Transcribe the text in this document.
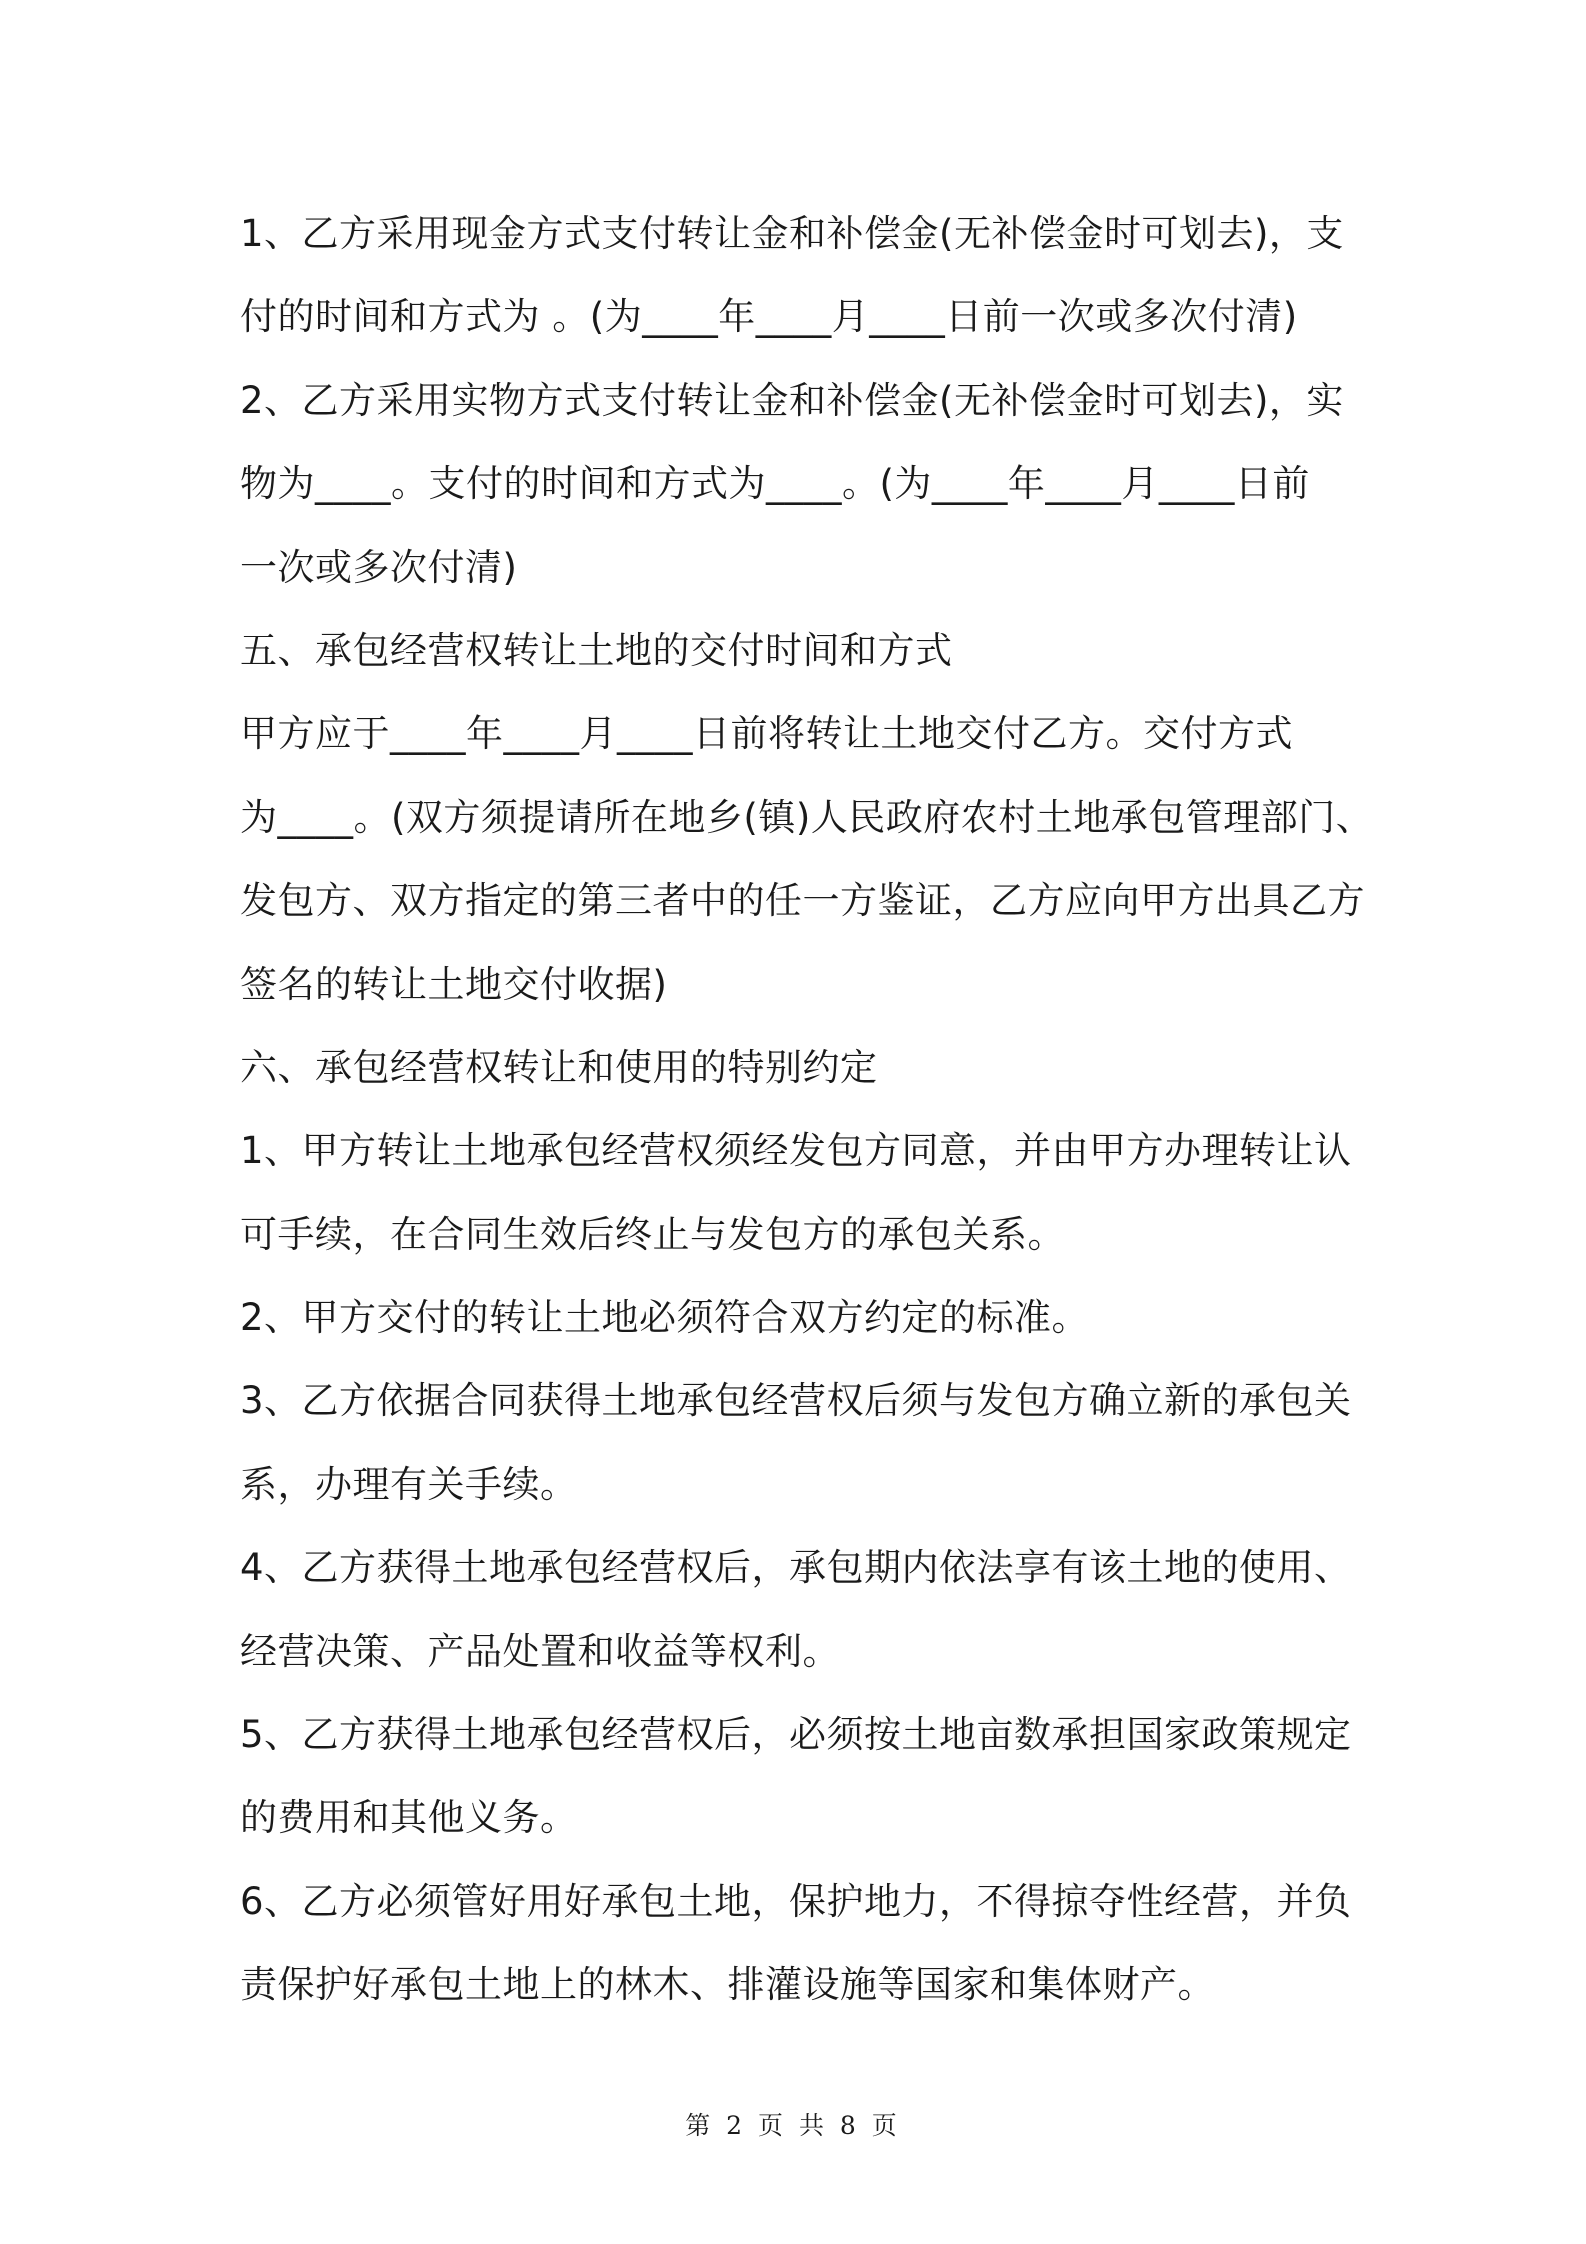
1、乙方采用现金方式支付转让金和补偿金(无补偿金时可划去)，支
付的时间和方式为 。(为____年____月____日前一次或多次付清)
2、乙方采用实物方式支付转让金和补偿金(无补偿金时可划去)，实
物为____。支付的时间和方式为____。(为____年____月____日前
一次或多次付清)
五、承包经营权转让土地的交付时间和方式
甲方应于____年____月____日前将转让土地交付乙方。交付方式
为____。(双方须提请所在地乡(镇)人民政府农村土地承包管理部门、
发包方、双方指定的第三者中的任一方鉴证，乙方应向甲方出具乙方
签名的转让土地交付收据)
六、承包经营权转让和使用的特别约定
1、甲方转让土地承包经营权须经发包方同意，并由甲方办理转让认
可手续，在合同生效后终止与发包方的承包关系。
2、甲方交付的转让土地必须符合双方约定的标准。
3、乙方依据合同获得土地承包经营权后须与发包方确立新的承包关
系，办理有关手续。
4、乙方获得土地承包经营权后，承包期内依法享有该土地的使用、
经营决策、产品处置和收益等权利。
5、乙方获得土地承包经营权后，必须按土地亩数承担国家政策规定
的费用和其他义务。
6、乙方必须管好用好承包土地，保护地力，不得掠夺性经营，并负
责保护好承包土地上的林木、排灌设施等国家和集体财产。
第 2 页 共 8 页
